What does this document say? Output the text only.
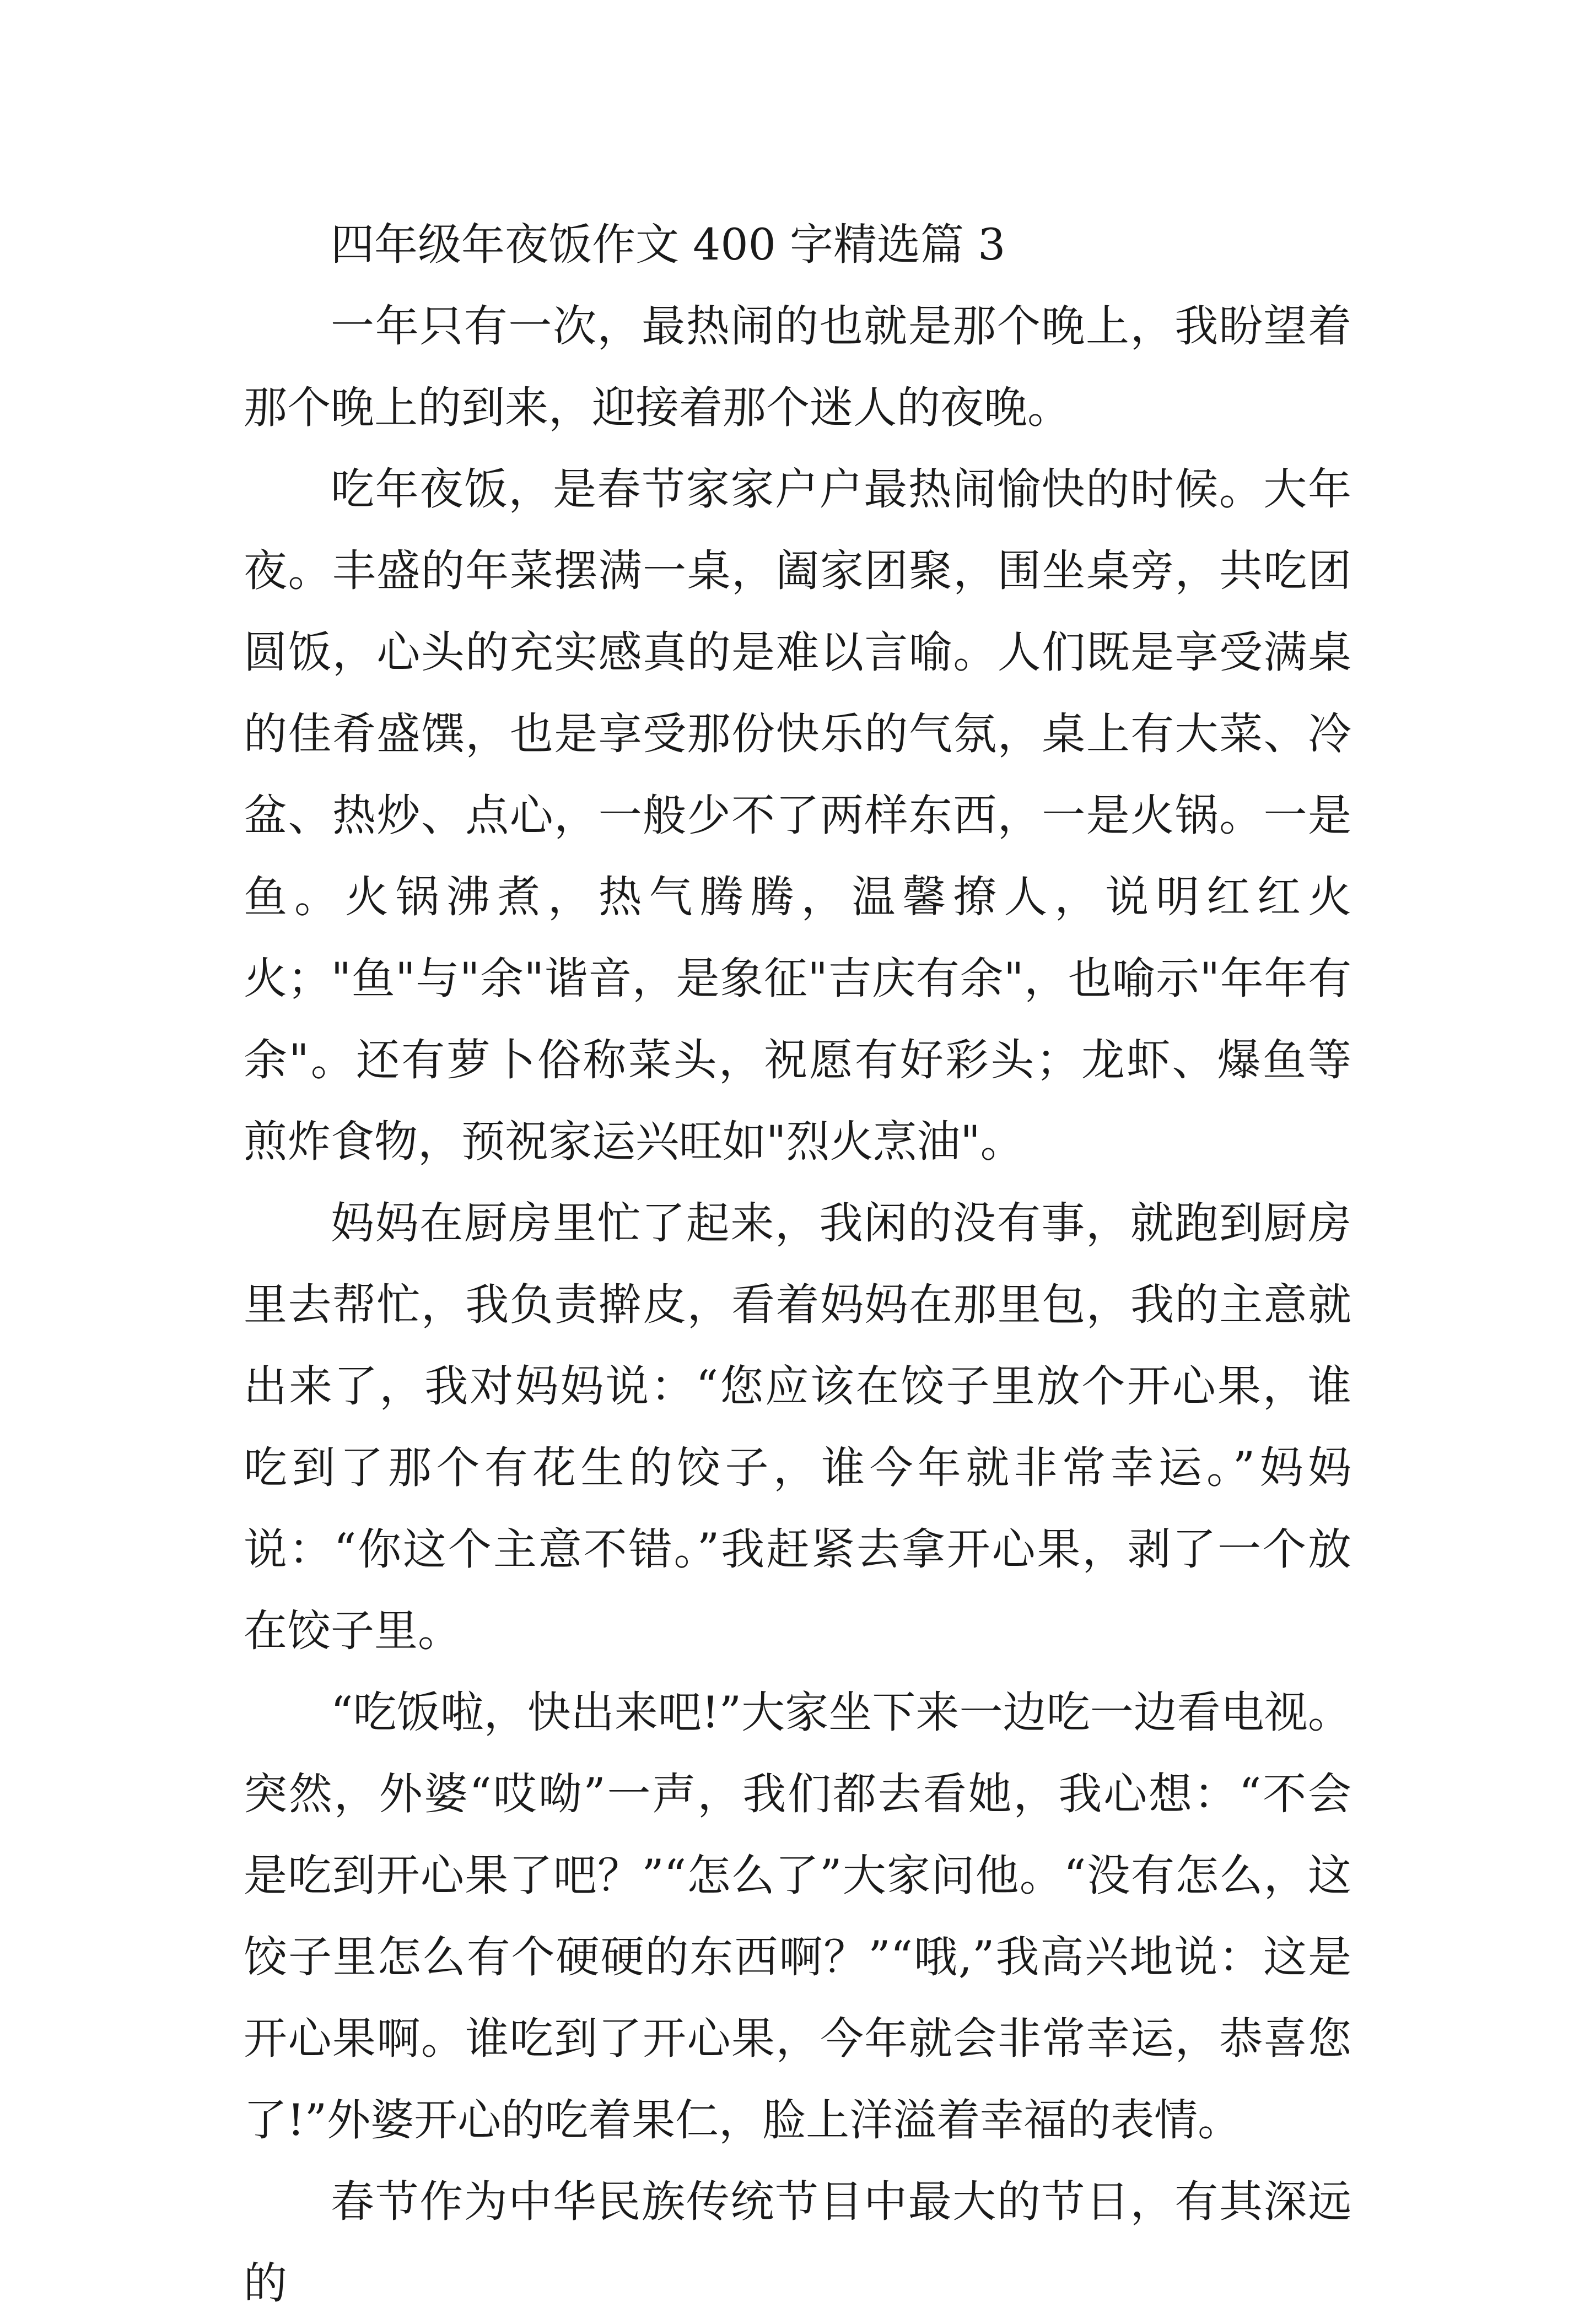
四年级年夜饭作文 400 字精选篇 3

一年只有一次，最热闹的也就是那个晚上，我盼望着那个晚上的到来，迎接着那个迷人的夜晚。

吃年夜饭，是春节家家户户最热闹愉快的时候。大年夜。丰盛的年菜摆满一桌，阖家团聚，围坐桌旁，共吃团圆饭，心头的充实感真的是难以言喻。人们既是享受满桌的佳肴盛馔，也是享受那份快乐的气氛，桌上有大菜、冷盆、热炒、点心，一般少不了两样东西，一是火锅。一是鱼。火锅沸煮，热气腾腾，温馨撩人，说明红红火火；"鱼"与"余"谐音，是象征"吉庆有余"，也喻示"年年有余"。还有萝卜俗称菜头，祝愿有好彩头；龙虾、爆鱼等煎炸食物，预祝家运兴旺如"烈火烹油"。

妈妈在厨房里忙了起来，我闲的没有事，就跑到厨房里去帮忙，我负责擀皮，看着妈妈在那里包，我的主意就出来了，我对妈妈说：“您应该在饺子里放个开心果，谁吃到了那个有花生的饺子，谁今年就非常幸运。”妈妈说：“你这个主意不错。”我赶紧去拿开心果，剥了一个放在饺子里。

“吃饭啦，快出来吧!”大家坐下来一边吃一边看电视。突然，外婆“哎呦”一声，我们都去看她，我心想：“不会是吃到开心果了吧？”“怎么了”大家问他。“没有怎么，这饺子里怎么有个硬硬的东西啊？”“哦,”我高兴地说：这是开心果啊。谁吃到了开心果，今年就会非常幸运，恭喜您了!”外婆开心的吃着果仁，脸上洋溢着幸福的表情。

春节作为中华民族传统节目中最大的节日，有其深远的
